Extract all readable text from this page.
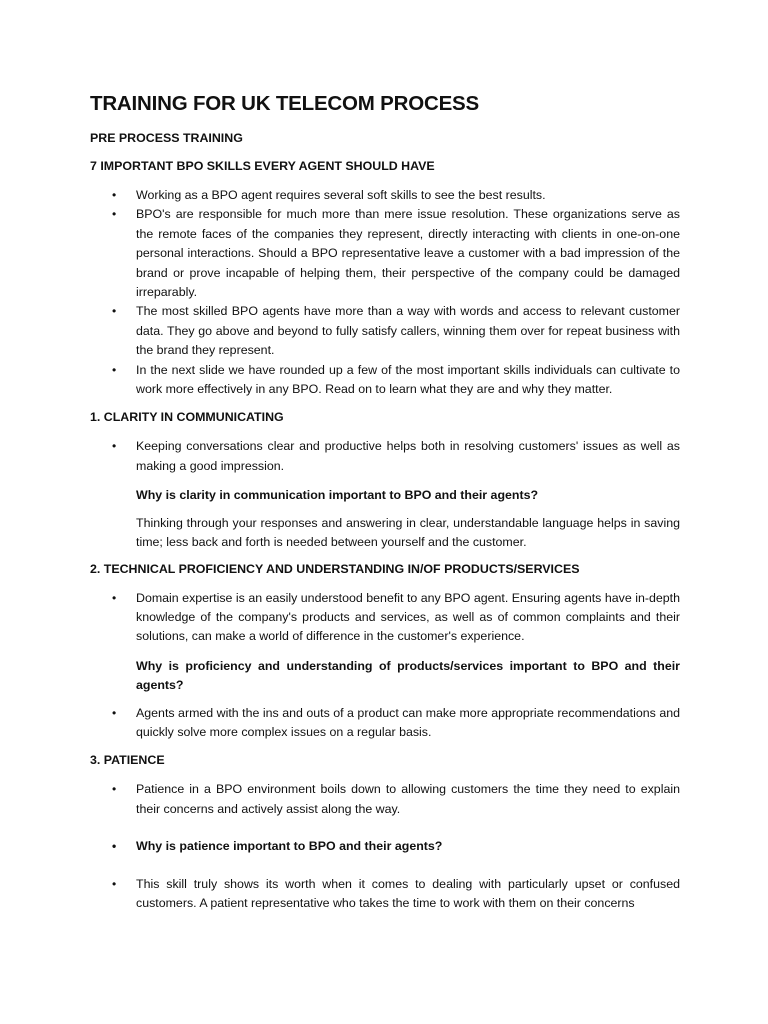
TRAINING FOR UK TELECOM PROCESS
PRE PROCESS TRAINING
7 IMPORTANT BPO SKILLS EVERY AGENT SHOULD HAVE
• Working as a BPO agent requires several soft skills to see the best results.
• BPO's are responsible for much more than mere issue resolution. These organizations serve as the remote faces of the companies they represent, directly interacting with clients in one-on-one personal interactions. Should a BPO representative leave a customer with a bad impression of the brand or prove incapable of helping them, their perspective of the company could be damaged irreparably.
• The most skilled BPO agents have more than a way with words and access to relevant customer data. They go above and beyond to fully satisfy callers, winning them over for repeat business with the brand they represent.
• In the next slide we have rounded up a few of the most important skills individuals can cultivate to work more effectively in any BPO. Read on to learn what they are and why they matter.
1. CLARITY IN COMMUNICATING
• Keeping conversations clear and productive helps both in resolving customers' issues as well as making a good impression.

Why is clarity in communication important to BPO and their agents?

Thinking through your responses and answering in clear, understandable language helps in saving time; less back and forth is needed between yourself and the customer.

2. TECHNICAL PROFICIENCY AND UNDERSTANDING IN/OF PRODUCTS/SERVICES
• Domain expertise is an easily understood benefit to any BPO agent. Ensuring agents have in-depth knowledge of the company's products and services, as well as of common complaints and their solutions, can make a world of difference in the customer's experience.

Why is proficiency and understanding of products/services important to BPO and their agents?

• Agents armed with the ins and outs of a product can make more appropriate recommendations and quickly solve more complex issues on a regular basis.
3. PATIENCE
• Patience in a BPO environment boils down to allowing customers the time they need to explain their concerns and actively assist along the way.
• Why is patience important to BPO and their agents?
• This skill truly shows its worth when it comes to dealing with particularly upset or confused customers. A patient representative who takes the time to work with them on their concerns
